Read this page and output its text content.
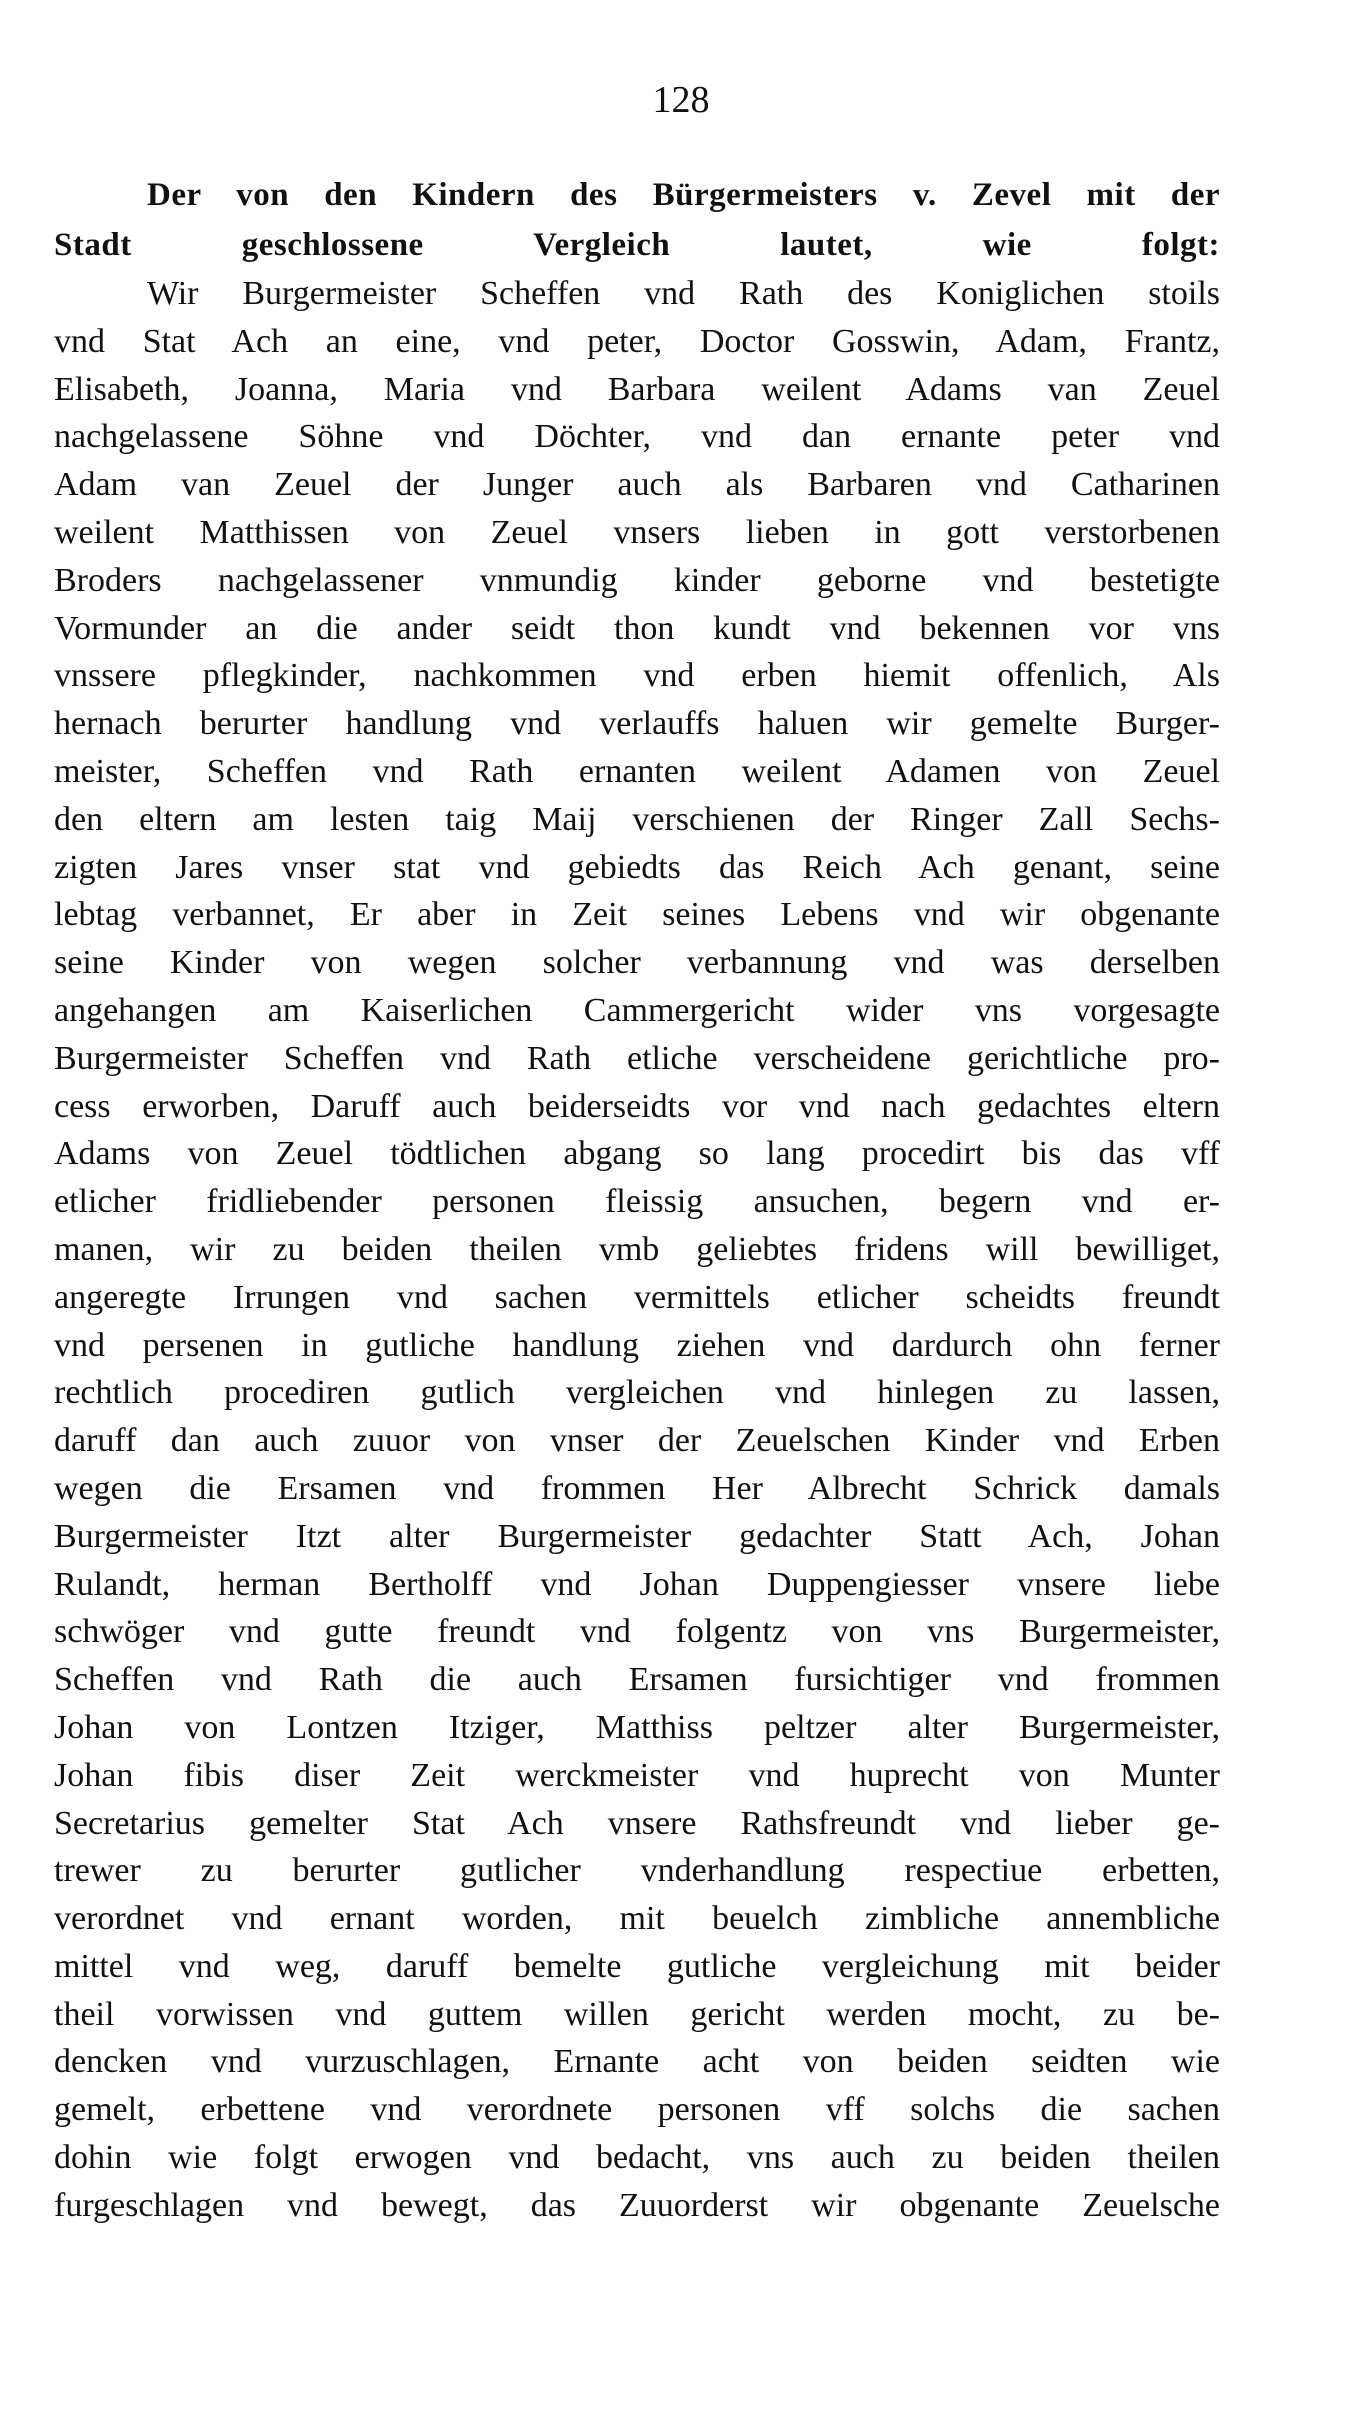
128
Der von den Kindern des Bürgermeisters v. Zevel mit der
Stadt geschlossene Vergleich lautet, wie folgt:
Wir Burgermeister Scheffen vnd Rath des Koniglichen stoils
vnd Stat Ach an eine, vnd peter, Doctor Gosswin, Adam, Frantz,
Elisabeth, Joanna, Maria vnd Barbara weilent Adams van Zeuel
nachgelassene Söhne vnd Döchter, vnd dan ernante peter vnd
Adam van Zeuel der Junger auch als Barbaren vnd Catharinen
weilent Matthissen von Zeuel vnsers lieben in gott verstorbenen
Broders nachgelassener vnmundig kinder geborne vnd bestetigte
Vormunder an die ander seidt thon kundt vnd bekennen vor vns
vnssere pflegkinder, nachkommen vnd erben hiemit offenlich, Als
hernach berurter handlung vnd verlauffs haluen wir gemelte Burger-
meister, Scheffen vnd Rath ernanten weilent Adamen von Zeuel
den eltern am lesten taig Maij verschienen der Ringer Zall Sechs-
zigten Jares vnser stat vnd gebiedts das Reich Ach genant, seine
lebtag verbannet, Er aber in Zeit seines Lebens vnd wir obgenante
seine Kinder von wegen solcher verbannung vnd was derselben
angehangen am Kaiserlichen Cammergericht wider vns vorgesagte
Burgermeister Scheffen vnd Rath etliche verscheidene gerichtliche pro-
cess erworben, Daruff auch beiderseidts vor vnd nach gedachtes eltern
Adams von Zeuel tödtlichen abgang so lang procedirt bis das vff
etlicher fridliebender personen fleissig ansuchen, begern vnd er-
manen, wir zu beiden theilen vmb geliebtes fridens will bewilliget,
angeregte Irrungen vnd sachen vermittels etlicher scheidts freundt
vnd persenen in gutliche handlung ziehen vnd dardurch ohn ferner
rechtlich procediren gutlich vergleichen vnd hinlegen zu lassen,
daruff dan auch zuuor von vnser der Zeuelschen Kinder vnd Erben
wegen die Ersamen vnd frommen Her Albrecht Schrick damals
Burgermeister Itzt alter Burgermeister gedachter Statt Ach, Johan
Rulandt, herman Bertholff vnd Johan Duppengiesser vnsere liebe
schwöger vnd gutte freundt vnd folgentz von vns Burgermeister,
Scheffen vnd Rath die auch Ersamen fursichtiger vnd frommen
Johan von Lontzen Itziger, Matthiss peltzer alter Burgermeister,
Johan fibis diser Zeit werckmeister vnd huprecht von Munter
Secretarius gemelter Stat Ach vnsere Rathsfreundt vnd lieber ge-
trewer zu berurter gutlicher vnderhandlung respectiue erbetten,
verordnet vnd ernant worden, mit beuelch zimbliche annembliche
mittel vnd weg, daruff bemelte gutliche vergleichung mit beider
theil vorwissen vnd guttem willen gericht werden mocht, zu be-
dencken vnd vurzuschlagen, Ernante acht von beiden seidten wie
gemelt, erbettene vnd verordnete personen vff solchs die sachen
dohin wie folgt erwogen vnd bedacht, vns auch zu beiden theilen
furgeschlagen vnd bewegt, das Zuuorderst wir obgenante Zeuelsche
